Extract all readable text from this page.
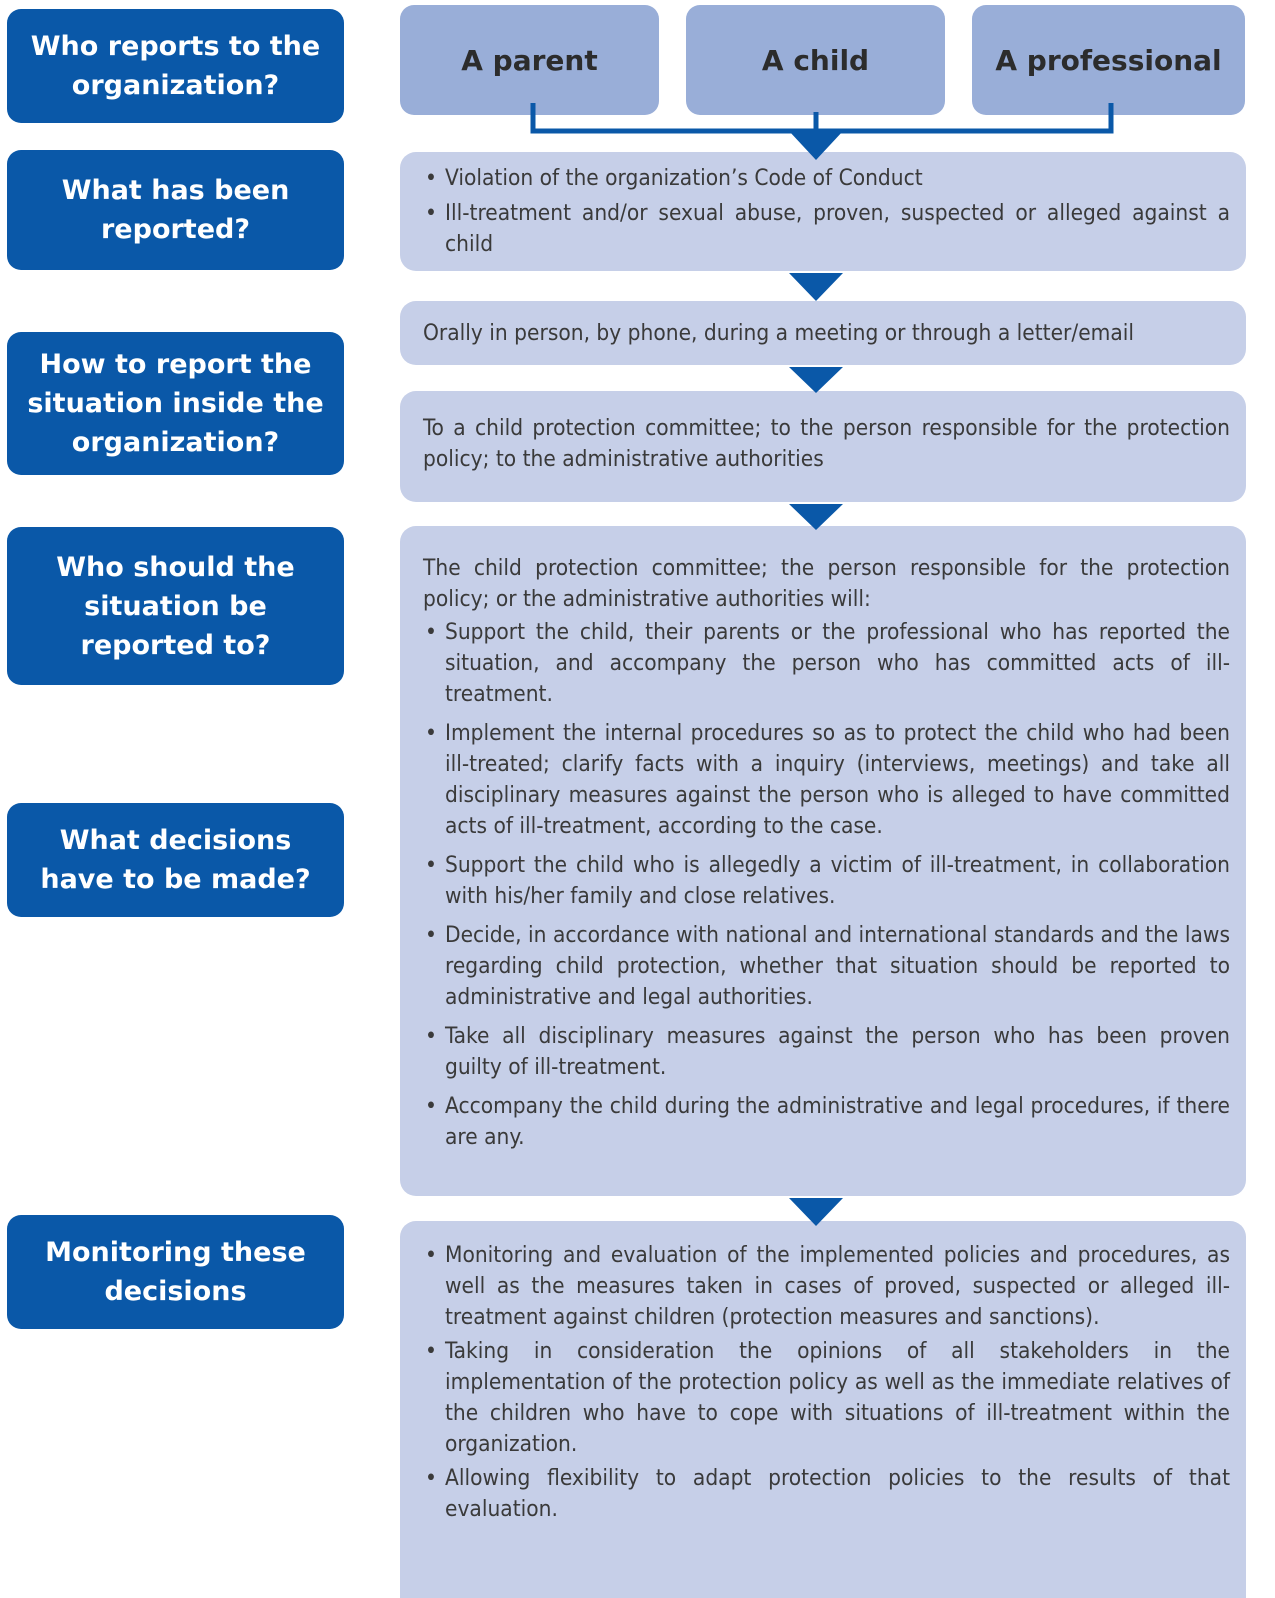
Who reports to the organization?
What has been reported?
How to report the situation inside the organization?
Who should the situation be reported to?
What decisions have to be made?
Monitoring these decisions
A parent	A child	A professional
• Violation of the organization’s Code of Conduct
• Ill-treatment and/or sexual abuse, proven, suspected or alleged against a child

Orally in person, by phone, during a meeting or through a letter/email

To a child protection committee; to the person responsible for the protection policy; to the administrative authorities

The child protection committee; the person responsible for the protection policy; or the administrative authorities will:

• Support the child, their parents or the professional who has reported the situation, and accompany the person who has committed acts of ill-treatment.
• Implement the internal procedures so as to protect the child who had been ill-treated; clarify facts with a inquiry (interviews, meetings) and take all disciplinary measures against the person who is alleged to have committed acts of ill-treatment, according to the case.
• Support the child who is allegedly a victim of ill-treatment, in collaboration with his/her family and close relatives.
• Decide, in accordance with national and international standards and the laws regarding child protection, whether that situation should be reported to administrative and legal authorities.
• Take all disciplinary measures against the person who has been proven guilty of ill-treatment.
• Accompany the child during the administrative and legal procedures, if there are any.
• Monitoring and evaluation of the implemented policies and procedures, as well as the measures taken in cases of proved, suspected or alleged ill-treatment against children (protection measures and sanctions).
• Taking in consideration the opinions of all stakeholders in the implementation of the protection policy as well as the immediate relatives of the children who have to cope with situations of ill-treatment within the organization.
• Allowing flexibility to adapt protection policies to the results of that evaluation.
